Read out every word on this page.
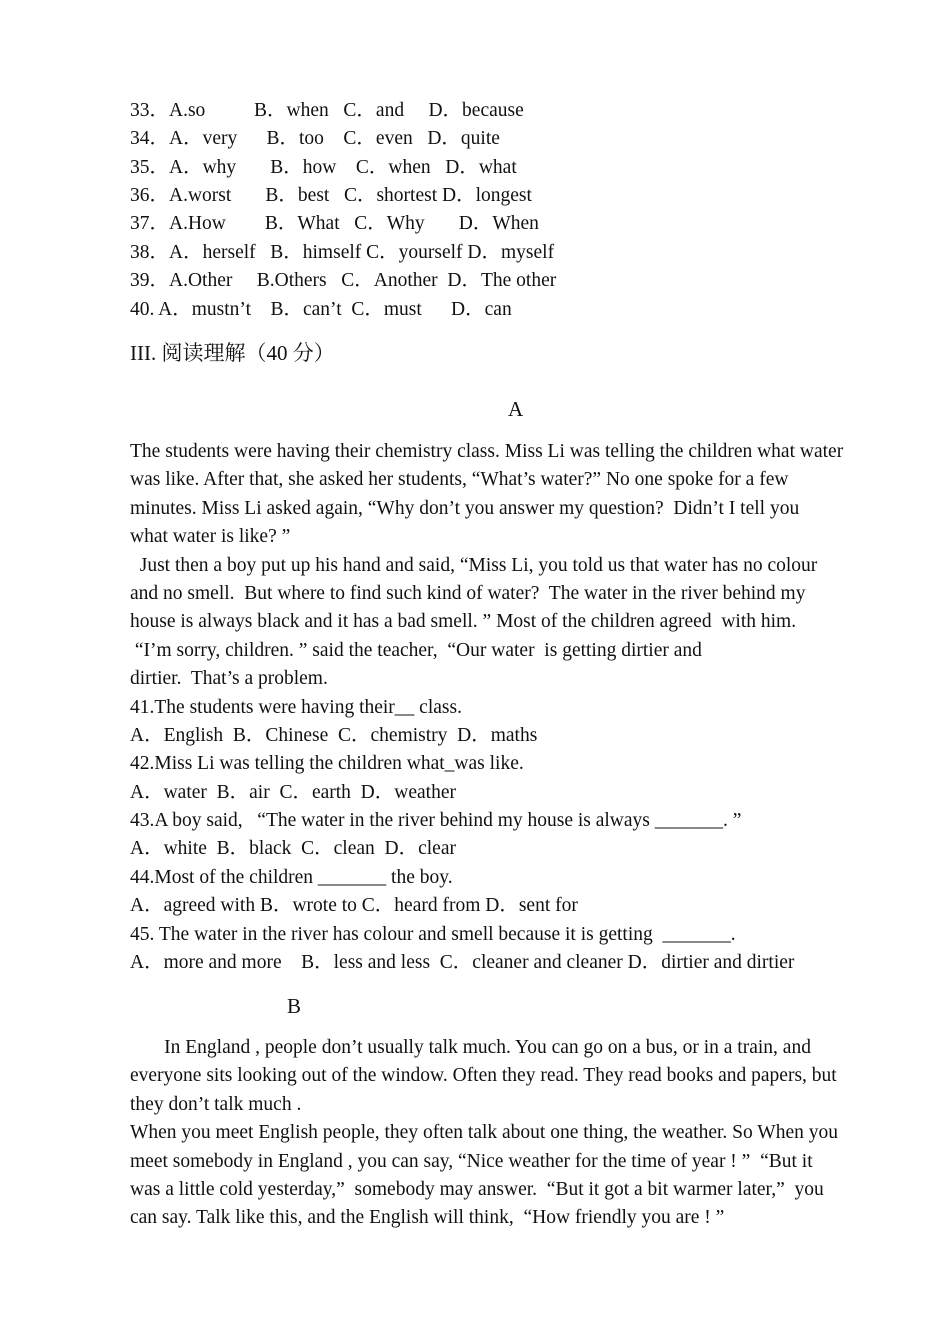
33．A.so          B．when   C．and     D．because
34．A．very      B．too    C．even   D．quite
35．A．why       B．how    C．when   D．what
36．A.worst       B．best   C．shortest D．longest
37．A.How        B．What   C．Why       D．When
38．A．herself   B．himself C．yourself D．myself
39．A.Other     B.Others   C．Another  D．The other
40. A．mustn’t    B．can’t  C．must      D．can
III. 阅读理解（40 分）
A
The students were having their chemistry class. Miss Li was telling the children what water
was like. After that, she asked her students, “What’s water?” No one spoke for a few
minutes. Miss Li asked again, “Why don’t you answer my question?  Didn’t I tell you
what water is like? ”
Just then a boy put up his hand and said, “Miss Li, you told us that water has no colour
and no smell.  But where to find such kind of water?  The water in the river behind my
house is always black and it has a bad smell. ” Most of the children agreed  with him.
“I’m sorry, children. ” said the teacher,  “Our water  is getting dirtier and
dirtier.  That’s a problem.
41.The students were having their__ class.
A．English  B．Chinese  C．chemistry  D．maths
42.Miss Li was telling the children what_was like.
A．water  B．air  C．earth  D．weather
43.A boy said,   “The water in the river behind my house is always _______. ”
A．white  B．black  C．clean  D．clear
44.Most of the children _______ the boy.
A．agreed with B．wrote to C．heard from D．sent for
45. The water in the river has colour and smell because it is getting  _______.
A．more and more    B．less and less  C．cleaner and cleaner D．dirtier and dirtier
B
In England , people don’t usually talk much. You can go on a bus, or in a train, and
everyone sits looking out of the window. Often they read. They read books and papers, but
they don’t talk much .
When you meet English people, they often talk about one thing, the weather. So When you
meet somebody in England , you can say, “Nice weather for the time of year ! ”  “But it
was a little cold yesterday,”  somebody may answer.  “But it got a bit warmer later,”  you
can say. Talk like this, and the English will think,  “How friendly you are ! ”
